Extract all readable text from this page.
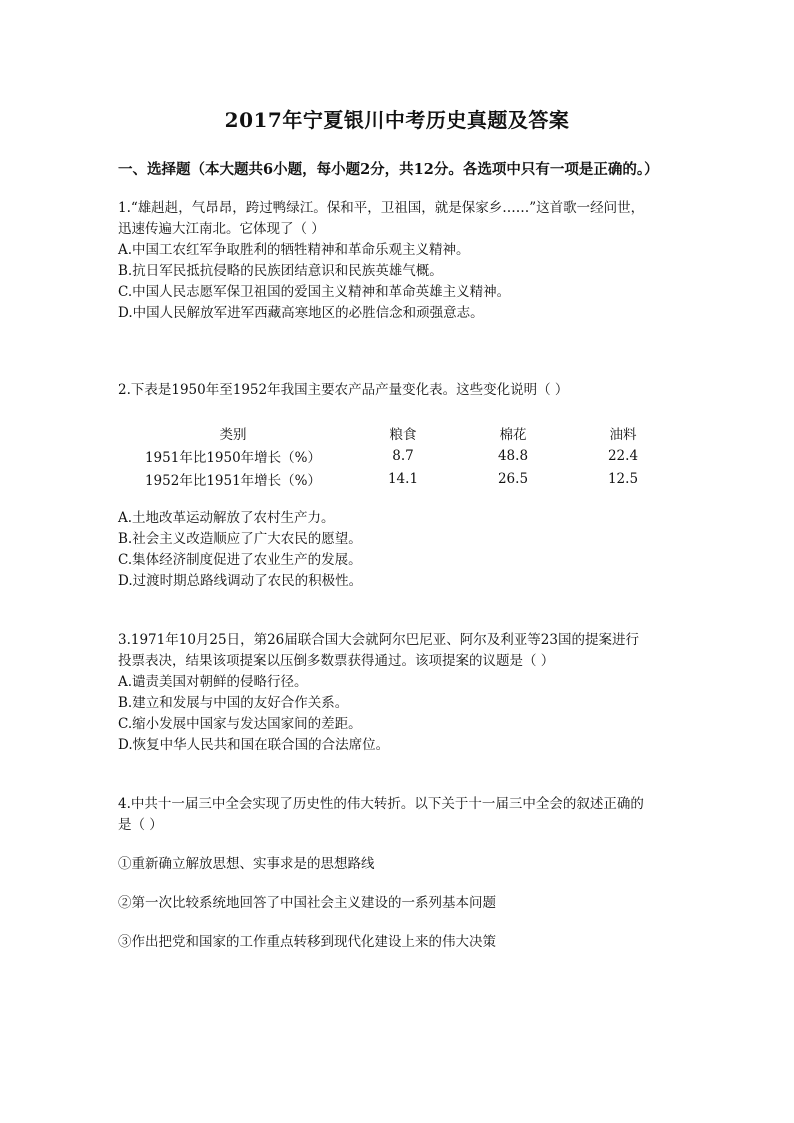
2017年宁夏银川中考历史真题及答案
一、选择题（本大题共6小题，每小题2分，共12分。各选项中只有一项是正确的。）
1.“雄赳赳，气昂昂，跨过鸭绿江。保和平，卫祖国，就是保家乡……”这首歌一经问世，
迅速传遍大江南北。它体现了（ ）
A.中国工农红军争取胜利的牺牲精神和革命乐观主义精神。
B.抗日军民抵抗侵略的民族团结意识和民族英雄气概。
C.中国人民志愿军保卫祖国的爱国主义精神和革命英雄主义精神。
D.中国人民解放军进军西藏高寒地区的必胜信念和顽强意志。
2.下表是1950年至1952年我国主要农产品产量变化表。这些变化说明（ ）
类别	粮食	棉花	油料
1951年比1950年增长（%）	8.7	48.8	22.4
1952年比1951年增长（%）	14.1	26.5	12.5
A.土地改革运动解放了农村生产力。
B.社会主义改造顺应了广大农民的愿望。
C.集体经济制度促进了农业生产的发展。
D.过渡时期总路线调动了农民的积极性。
3.1971年10月25日，第26届联合国大会就阿尔巴尼亚、阿尔及利亚等23国的提案进行
投票表决，结果该项提案以压倒多数票获得通过。该项提案的议题是（ ）
A.谴责美国对朝鲜的侵略行径。
B.建立和发展与中国的友好合作关系。
C.缩小发展中国家与发达国家间的差距。
D.恢复中华人民共和国在联合国的合法席位。
4.中共十一届三中全会实现了历史性的伟大转折。以下关于十一届三中全会的叙述正确的
是（ ）
①重新确立解放思想、实事求是的思想路线
②第一次比较系统地回答了中国社会主义建设的一系列基本问题
③作出把党和国家的工作重点转移到现代化建设上来的伟大决策
